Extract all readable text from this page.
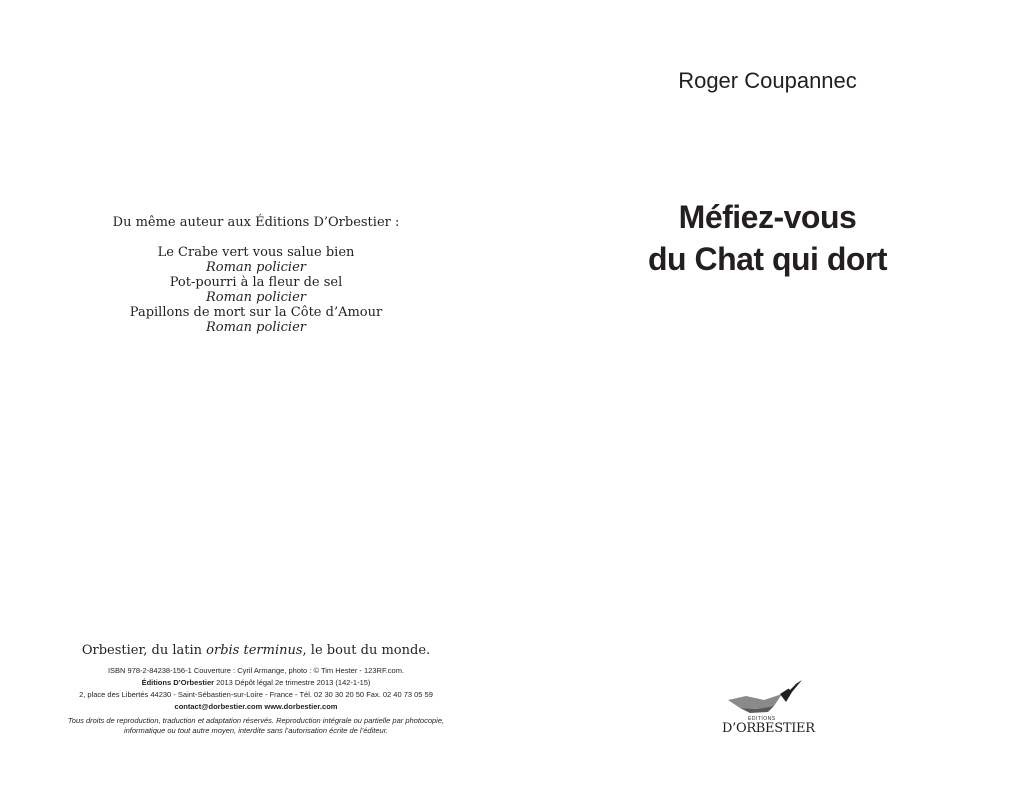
Du même auteur aux Éditions D’Orbestier :
Le Crabe vert vous salue bien
Roman policier
Pot-pourri à la fleur de sel
Roman policier
Papillons de mort sur la Côte d’Amour
Roman policier
Orbestier, du latin orbis terminus, le bout du monde.
ISBN 978-2-84238-156-1 Couverture : Cyril Armange, photo : © Tim Hester - 123RF.com.
Éditions D’Orbestier 2013 Dépôt légal 2e trimestre 2013 (142-1-15)
2, place des Libertés 44230 - Saint-Sébastien-sur-Loire - France - Tél. 02 30 30 20 50 Fax. 02 40 73 05 59
contact@dorbestier.com www.dorbestier.com
Tous droits de reproduction, traduction et adaptation réservés. Reproduction intégrale ou partielle par photocopie,
informatique ou tout autre moyen, interdite sans l’autorisation écrite de l’éditeur.
Roger Coupannec
Méfiez-vous
du Chat qui dort
ÉDITIONS
D’ORBESTIER
